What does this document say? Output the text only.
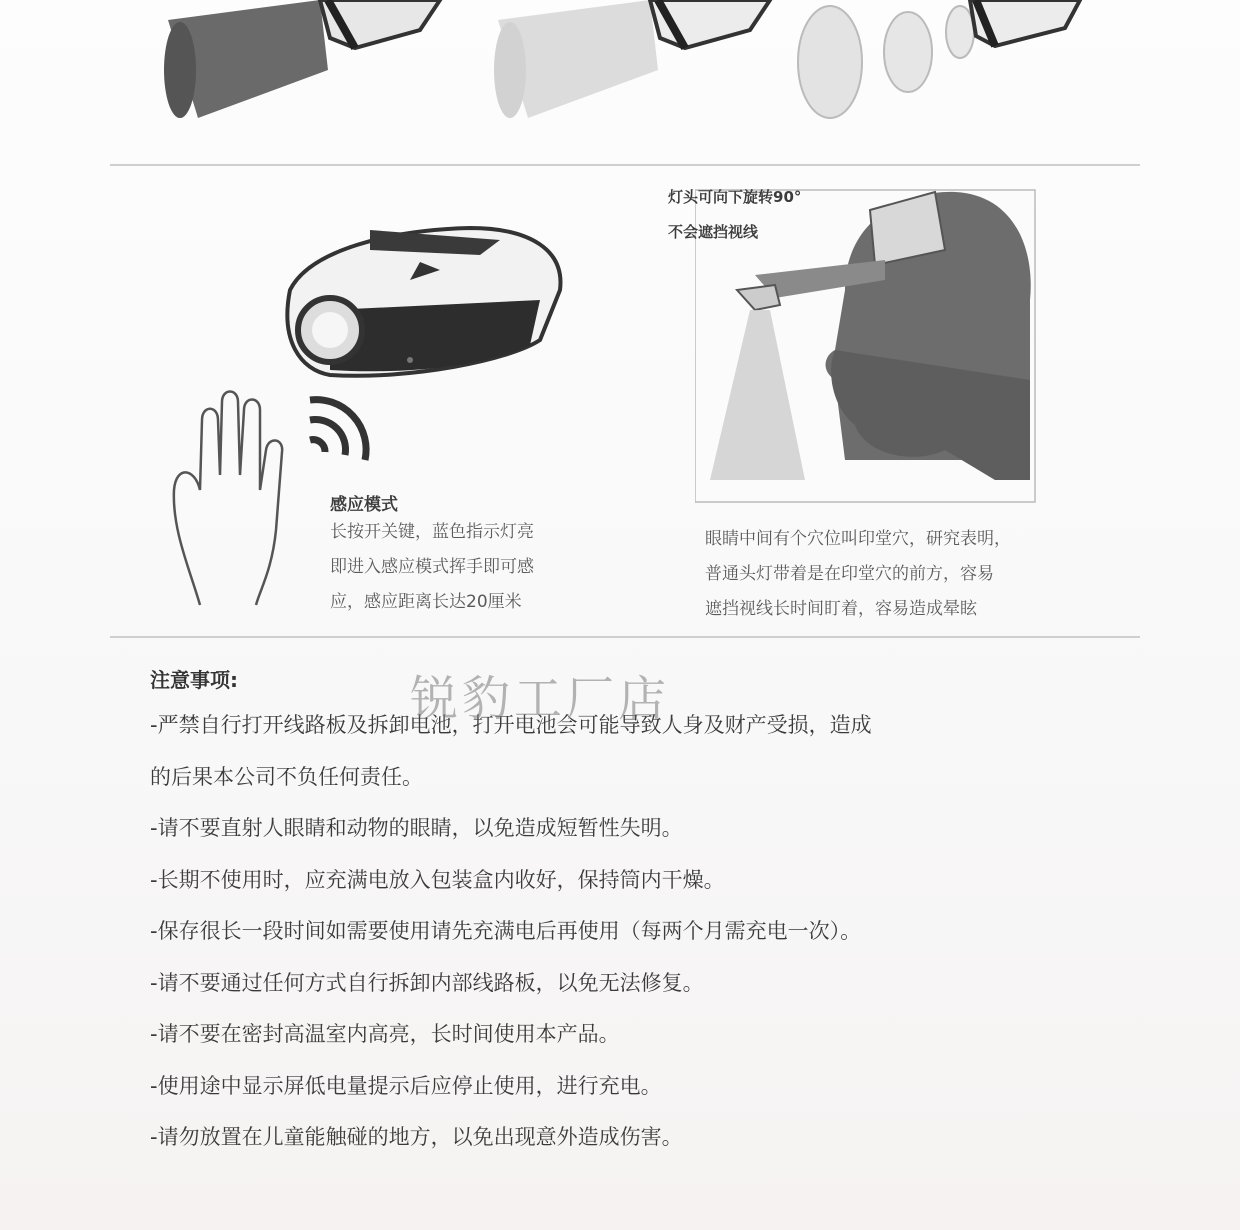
灯头可向下旋转90°
不会遮挡视线
感应模式
长按开关键，蓝色指示灯亮
即进入感应模式挥手即可感
应，感应距离长达20厘米
眼睛中间有个穴位叫印堂穴，研究表明，
普通头灯带着是在印堂穴的前方，容易
遮挡视线长时间盯着，容易造成晕眩
注意事项:
-严禁自行打开线路板及拆卸电池，打开电池会可能导致人身及财产受损，造成
的后果本公司不负任何责任。
-请不要直射人眼睛和动物的眼睛，以免造成短暂性失明。
-长期不使用时，应充满电放入包装盒内收好，保持筒内干燥。
-保存很长一段时间如需要使用请先充满电后再使用（每两个月需充电一次）。
-请不要通过任何方式自行拆卸内部线路板，以免无法修复。
-请不要在密封高温室内高亮，长时间使用本产品。
-使用途中显示屏低电量提示后应停止使用，进行充电。
-请勿放置在儿童能触碰的地方，以免出现意外造成伤害。
锐豹工厂店
